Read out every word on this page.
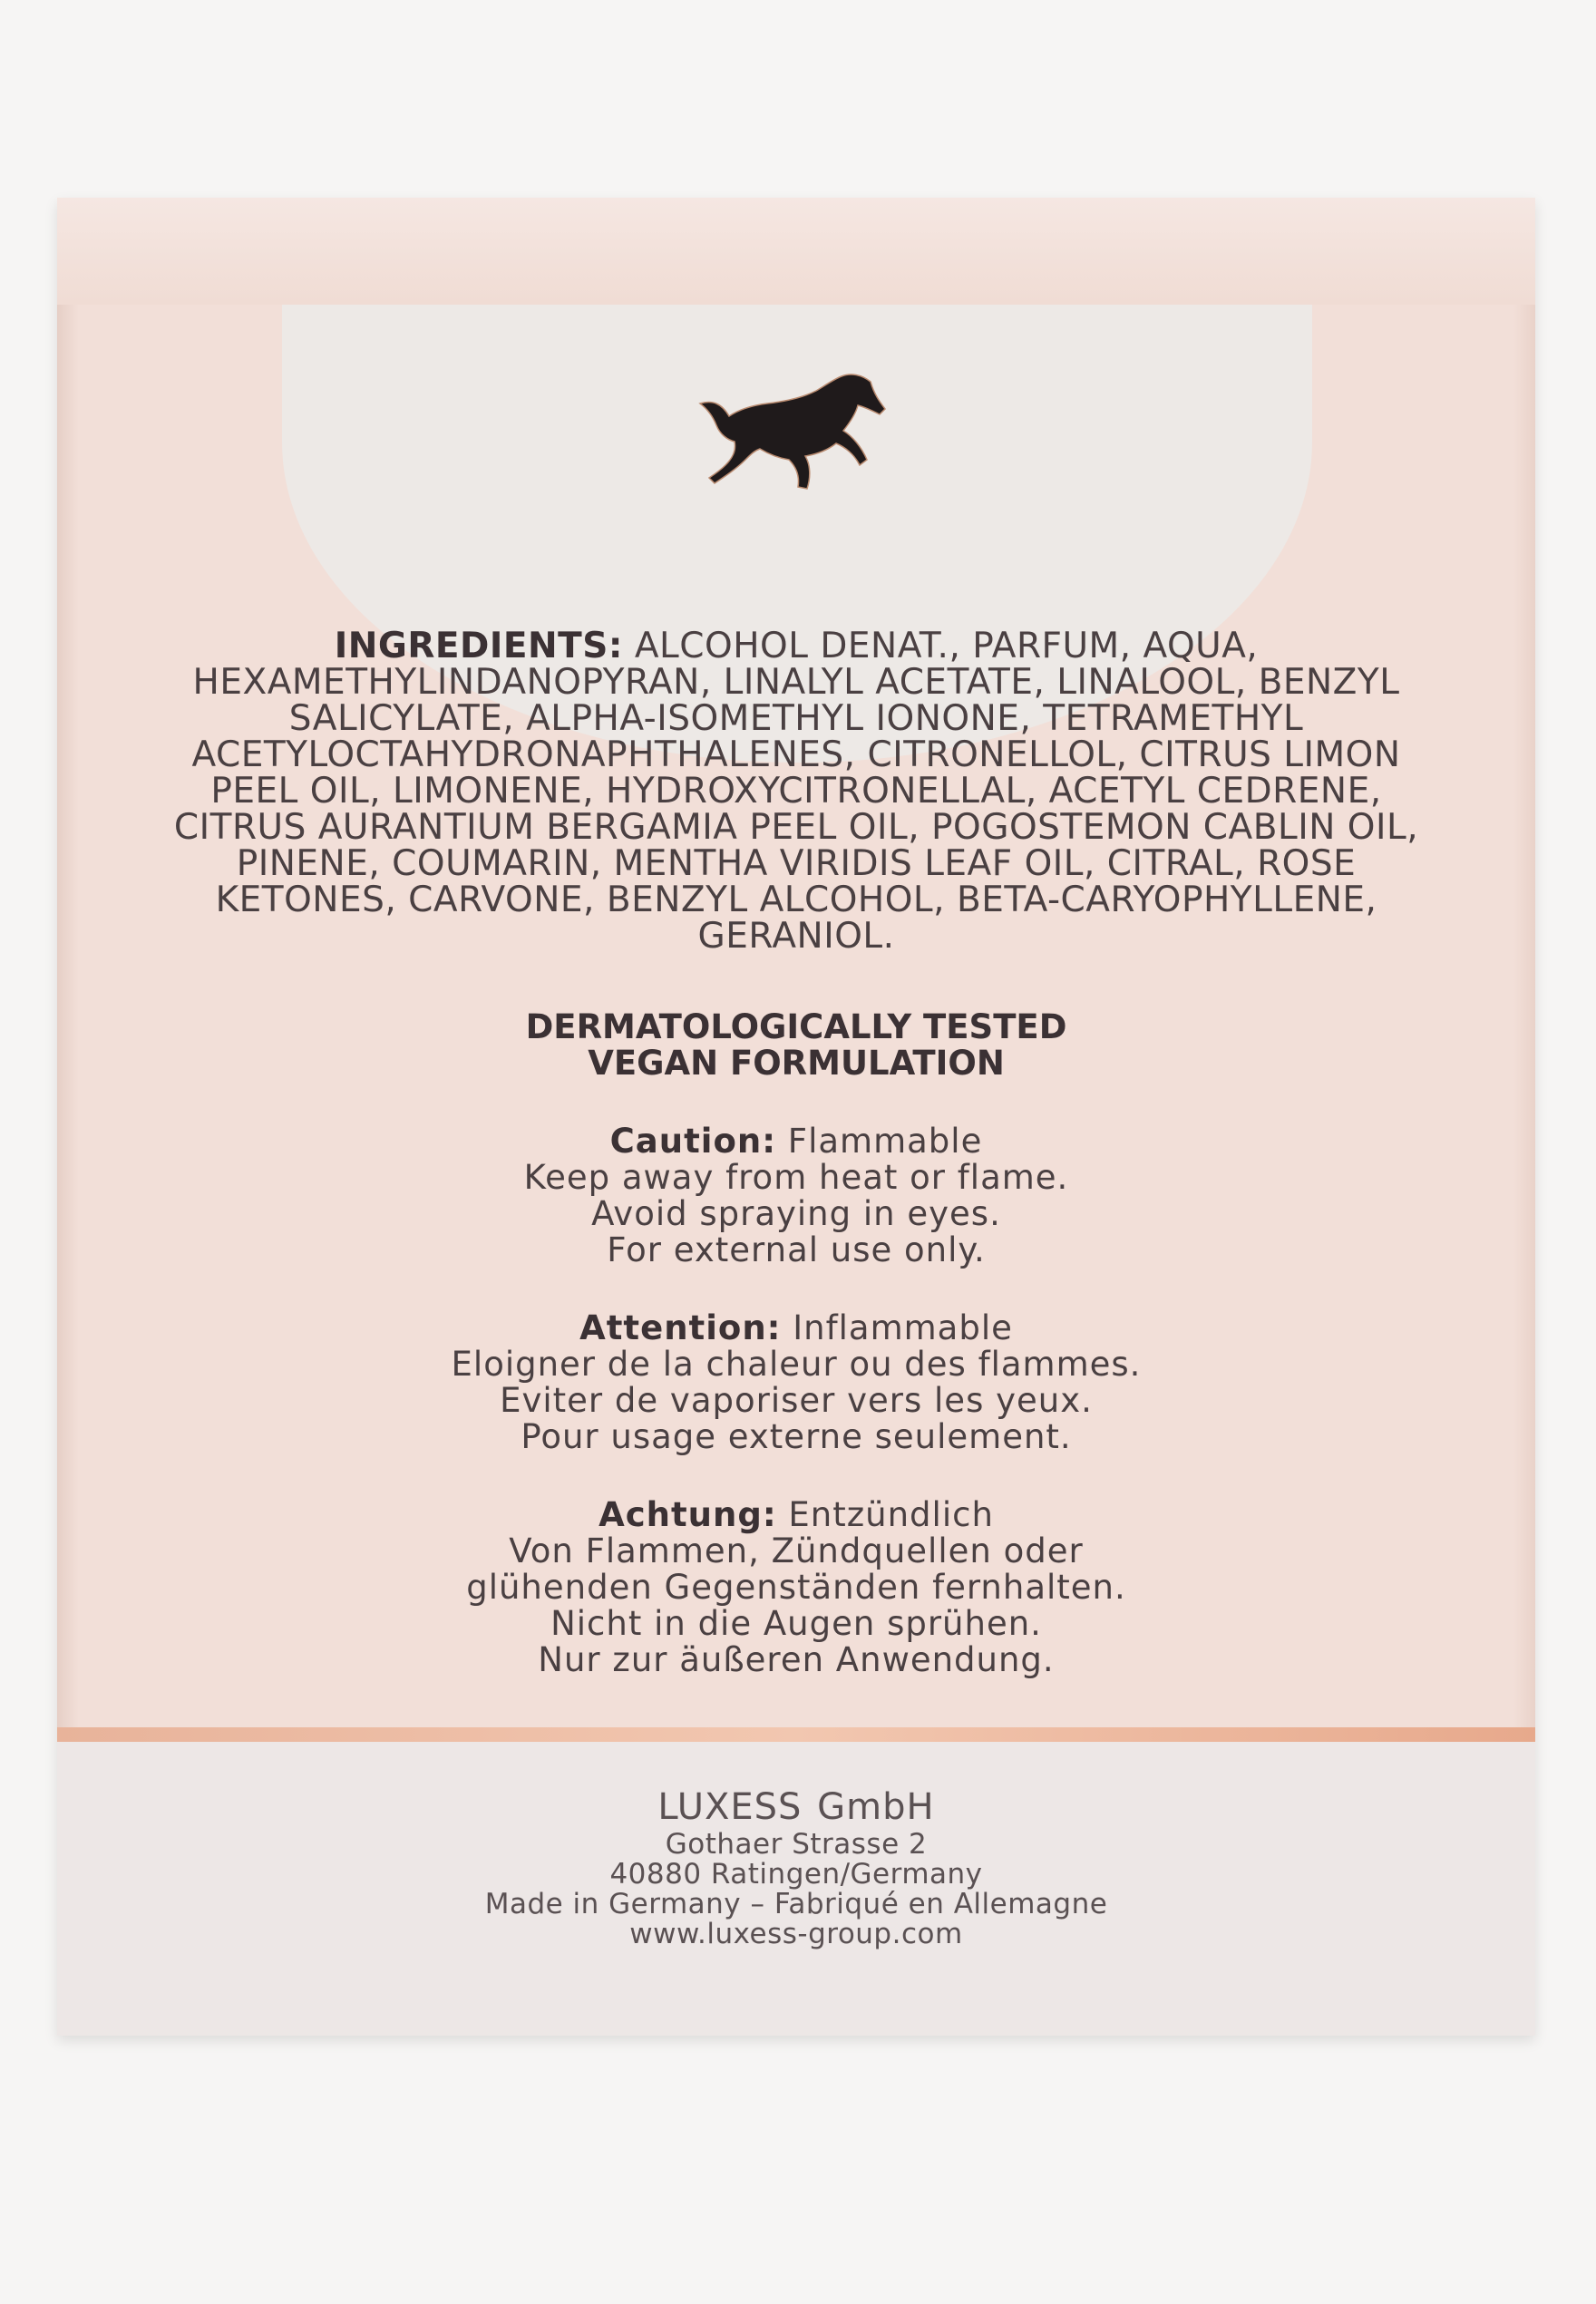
INGREDIENTS: ALCOHOL DENAT., PARFUM, AQUA, HEXAMETHYLINDANOPYRAN, LINALYL ACETATE, LINALOOL, BENZYL SALICYLATE, ALPHA-ISOMETHYL IONONE, TETRAMETHYL ACETYLOCTAHYDRONAPHTHALENES, CITRONELLOL, CITRUS LIMON PEEL OIL, LIMONENE, HYDROXYCITRONELLAL, ACETYL CEDRENE, CITRUS AURANTIUM BERGAMIA PEEL OIL, POGOSTEMON CABLIN OIL, PINENE, COUMARIN, MENTHA VIRIDIS LEAF OIL, CITRAL, ROSE KETONES, CARVONE, BENZYL ALCOHOL, BETA-CARYOPHYLLENE, GERANIOL.
DERMATOLOGICALLY TESTED
VEGAN FORMULATION
Caution: Flammable
Keep away from heat or flame.
Avoid spraying in eyes.
For external use only.
Attention: Inflammable
Eloigner de la chaleur ou des flammes.
Eviter de vaporiser vers les yeux.
Pour usage externe seulement.
Achtung: Entzündlich
Von Flammen, Zündquellen oder
glühenden Gegenständen fernhalten.
Nicht in die Augen sprühen.
Nur zur äußeren Anwendung.
LUXESS GmbH
Gothaer Strasse 2
40880 Ratingen/Germany
Made in Germany – Fabriqué en Allemagne
www.luxess-group.com
